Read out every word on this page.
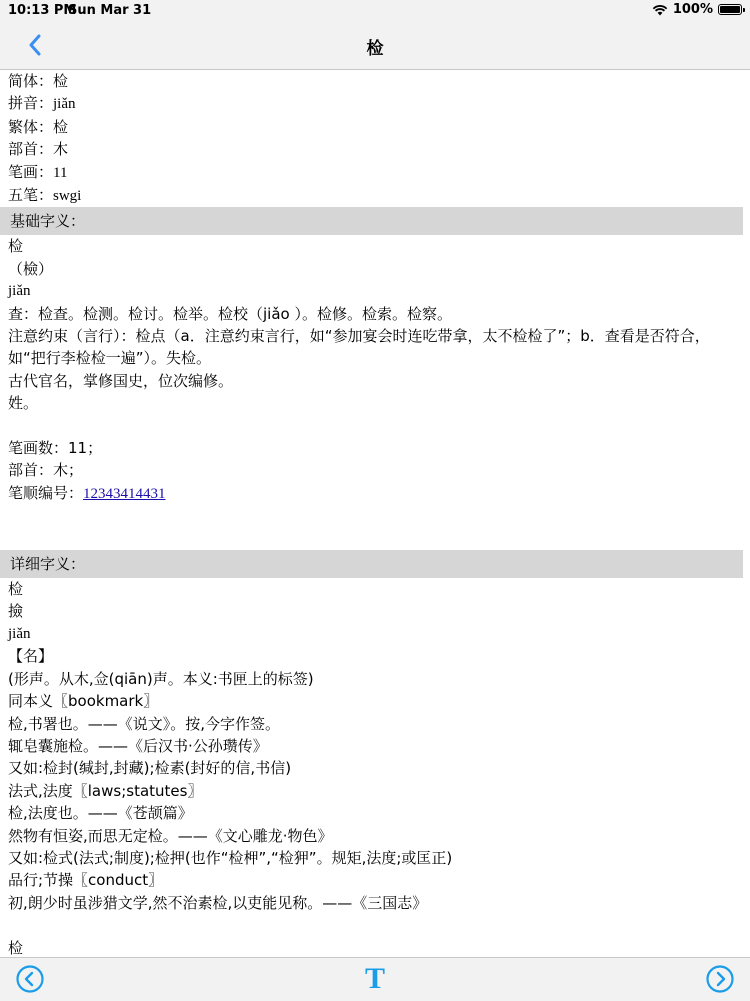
10:13 PM
Sun Mar 31	100%
检
简体：检
拼音：jiǎn
繁体：检
部首：木
笔画：11
五笔：swgi
基础字义：
检
（檢）
jiǎn
查：检查。检测。检讨。检举。检校（jiǎo ）。检修。检索。检察。
注意约束（言行）：检点（a．注意约束言行，如“参加宴会时连吃带拿，太不检检了”；b．查看是否符合，如“把行李检检一遍”）。失检。
古代官名，掌修国史，位次编修。
姓。
笔画数：11；
部首：木；
笔顺编号：12343414431
详细字义：
检
撿
jiǎn
【名】
(形声。从木,佥(qiān)声。本义:书匣上的标签)
同本义〖bookmark〗
检,书署也。——《说文》。按,今字作签。
辄皂囊施检。——《后汉书·公孙瓒传》
又如:检封(缄封,封藏);检素(封好的信,书信)
法式,法度〖laws;statutes〗
检,法度也。——《苍颉篇》
然物有恒姿,而思无定检。——《文心雕龙·物色》
又如:检式(法式;制度);检押(也作“检柙”,“检狎”。规矩,法度;或匡正)
品行;节操〖conduct〗
初,朗少时虽涉猎文学,然不治素检,以吏能见称。——《三国志》
检
T
